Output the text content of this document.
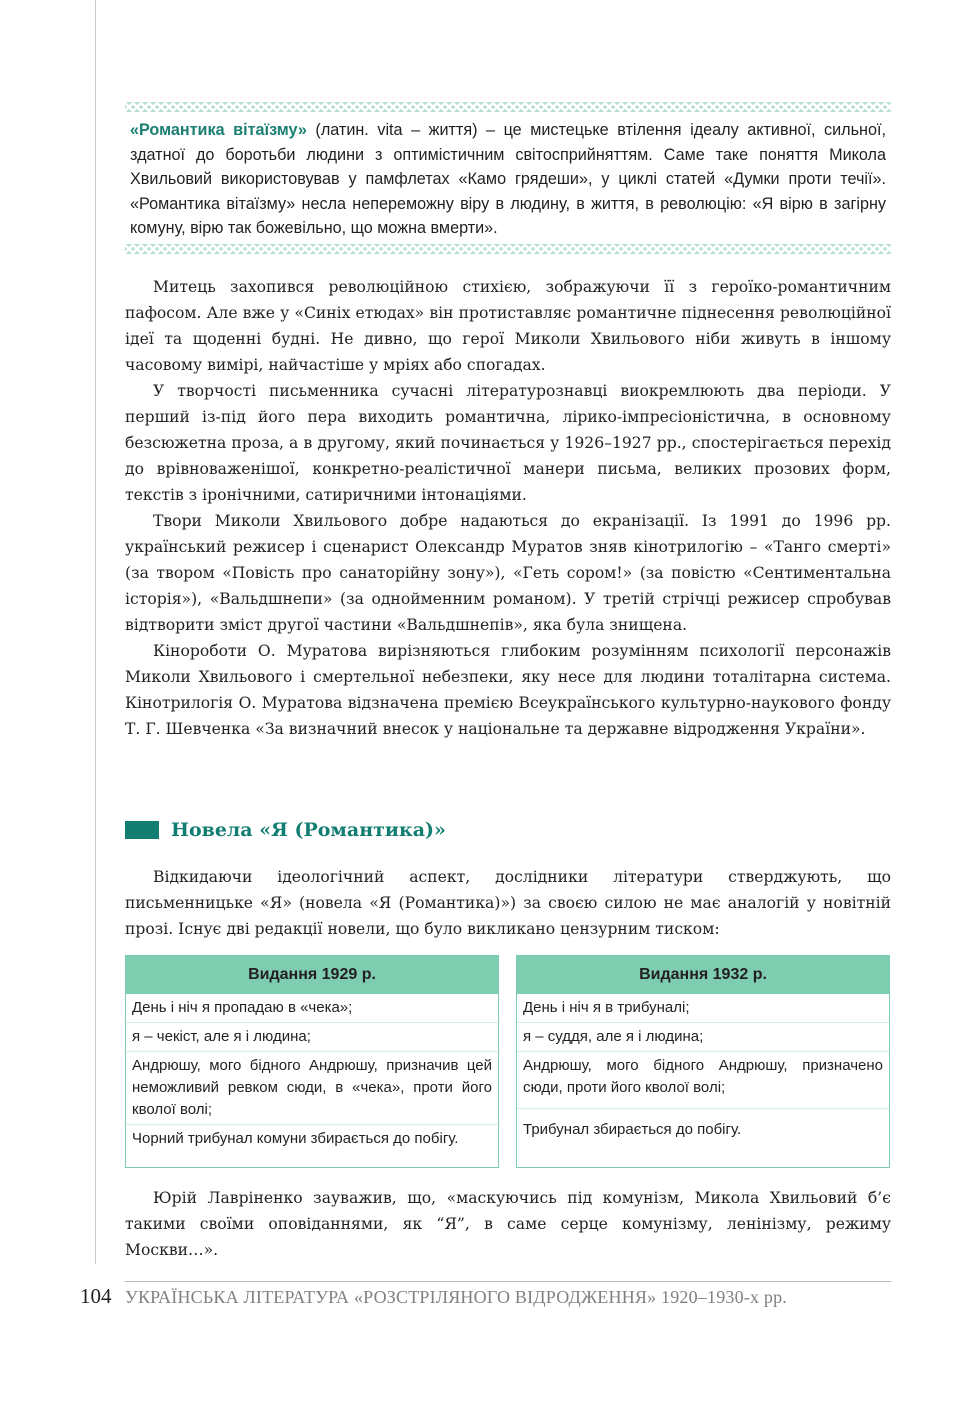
«Романтика вітаїзму» (латин. vita – життя) – це мистецьке втілення ідеалу активної, сильної, здатної до боротьби людини з оптимістичним світосприйняттям. Саме таке поняття Микола Хвильовий використовував у памфлетах «Камо грядеши», у циклі статей «Думки проти течії». «Романтика вітаїзму» несла непереможну віру в людину, в життя, в революцію: «Я вірю в загірну комуну, вірю так божевільно, що можна вмерти».

Митець захопився революційною стихією, зображуючи її з героїко-романтичним пафосом. Але вже у «Синіх етюдах» він протиставляє романтичне піднесення революційної ідеї та щоденні будні. Не дивно, що герої Миколи Хвильового ніби живуть в іншому часовому вимірі, найчастіше у мріях або спогадах.

У творчості письменника сучасні літературознавці виокремлюють два періоди. У перший із-під його пера виходить романтична, лірико-імпресіоністична, в основному безсюжетна проза, а в другому, який починається у 1926–1927 рр., спостерігається перехід до врівноваженішої, конкретно-реалістичної манери письма, великих прозових форм, текстів з іронічними, сатиричними інтонаціями.

Твори Миколи Хвильового добре надаються до екранізації. Із 1991 до 1996 рр. український режисер і сценарист Олександр Муратов зняв кінотрилогію – «Танго смерті» (за твором «Повість про санаторійну зону»), «Геть сором!» (за повістю «Сентиментальна історія»), «Вальдшнепи» (за однойменним романом). У третій стрічці режисер спробував відтворити зміст другої частини «Вальдшнепів», яка була знищена.

Кінороботи О. Муратова вирізняються глибоким розумінням психології персонажів Миколи Хвильового і смертельної небезпеки, яку несе для людини тоталітарна система. Кінотрилогія О. Муратова відзначена премією Всеукраїнського культурно-наукового фонду Т. Г. Шевченка «За визначний внесок у національне та державне відродження України».

Новела «Я (Романтика)»

Відкидаючи ідеологічний аспект, дослідники літератури стверджують, що письменницьке «Я» (новела «Я (Романтика)») за своєю силою не має аналогій у новітній прозі. Існує дві редакції новели, що було викликано цензурним тиском:

Видання 1929 р.
День і ніч я пропадаю в «чека»;
я – чекіст, але я і людина;
Андрюшу, мого бідного Андрюшу, призначив цей неможливий ревком сюди, в «чека», проти його кволої волі;
Чорний трибунал комуни збирається до побігу.
Видання 1932 р.
День і ніч я в трибуналі;
я – суддя, але я і людина;
Андрюшу, мого бідного Андрюшу, призначено сюди, проти його кволої волі;
Трибунал збирається до побігу.

Юрій Лавріненко зауважив, що, «маскуючись під комунізм, Микола Хвильовий б’є такими своїми оповіданнями, як “Я”, в саме серце комунізму, ленінізму, режиму Москви…».

104 УКРАЇНСЬКА ЛІТЕРАТУРА «РОЗСТРІЛЯНОГО ВІДРОДЖЕННЯ» 1920–1930-х рр.
